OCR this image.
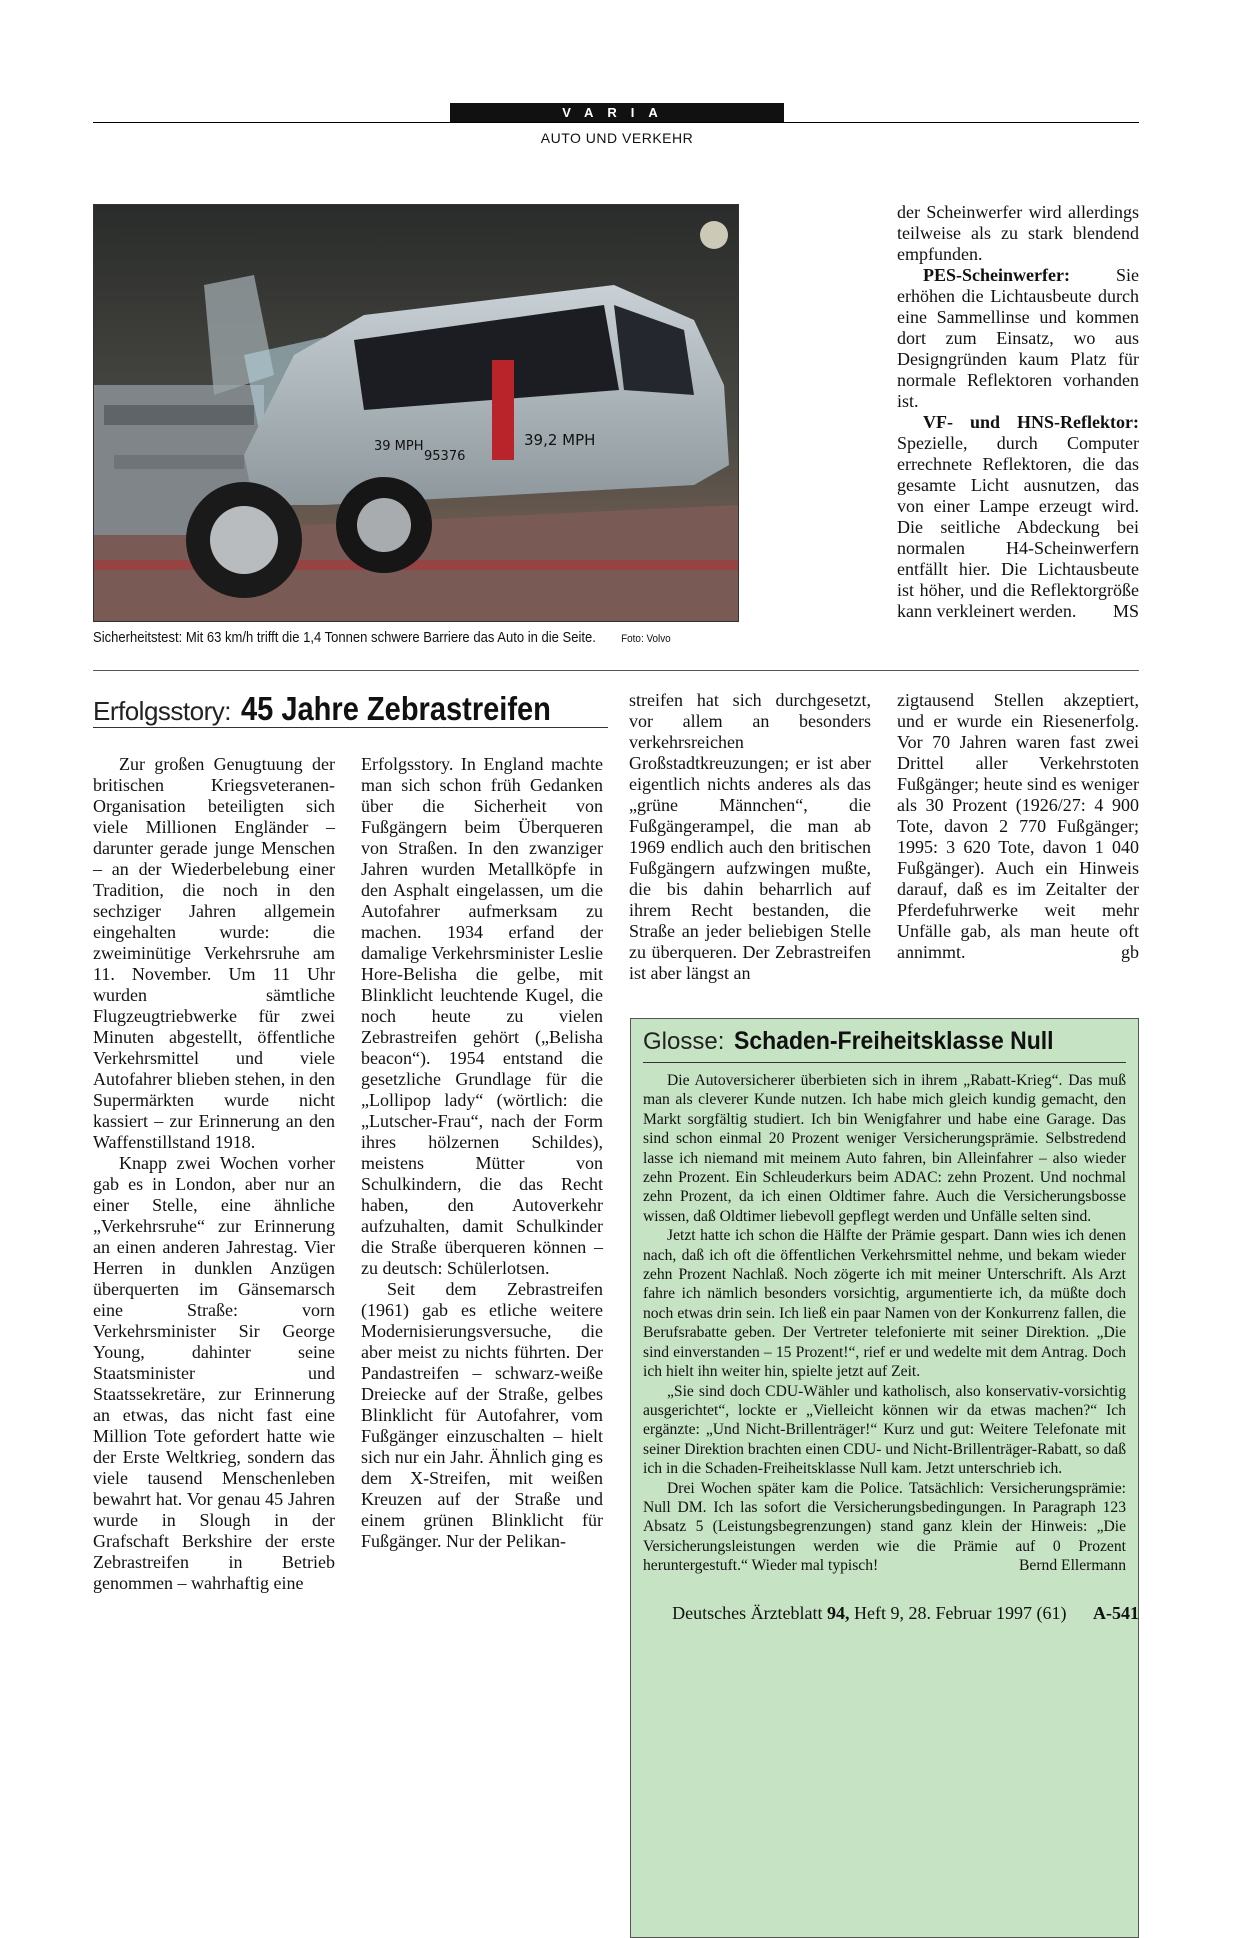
VARIA
AUTO UND VERKEHR
39 MPH
95376
39,2 MPH
Sicherheitstest: Mit 63 km/h trifft die 1,4 Tonnen schwere Barriere das Auto in die Seite. Foto: Volvo

der Scheinwerfer wird allerdings teilweise als zu stark blendend empfunden.

PES-Scheinwerfer: Sie erhöhen die Lichtausbeute durch eine Sammellinse und kommen dort zum Einsatz, wo aus Designgründen kaum Platz für normale Reflektoren vorhanden ist.

VF- und HNS-Reflektor: Spezielle, durch Computer errechnete Reflektoren, die das gesamte Licht ausnutzen, das von einer Lampe erzeugt wird. Die seitliche Abdeckung bei normalen H4-Scheinwerfern entfällt hier. Die Lichtausbeute ist höher, und die Reflektorgröße kann verkleinert werden.	MS

Erfolgsstory: 45 Jahre Zebrastreifen

Zur großen Genugtuung der britischen Kriegsveteranen-Organisation beteiligten sich viele Millionen Engländer – darunter gerade junge Menschen – an der Wiederbelebung einer Tradition, die noch in den sechziger Jahren allgemein eingehalten wurde: die zweiminütige Verkehrsruhe am 11. November. Um 11 Uhr wurden sämtliche Flugzeugtriebwerke für zwei Minuten abgestellt, öffentliche Verkehrsmittel und viele Autofahrer blieben stehen, in den Supermärkten wurde nicht kassiert – zur Erinnerung an den Waffenstillstand 1918.

Knapp zwei Wochen vorher gab es in London, aber nur an einer Stelle, eine ähnliche „Verkehrsruhe“ zur Erinnerung an einen anderen Jahrestag. Vier Herren in dunklen Anzügen überquerten im Gänsemarsch eine Straße: vorn Verkehrsminister Sir George Young, dahinter seine Staatsminister und Staatssekretäre, zur Erinnerung an etwas, das nicht fast eine Million Tote gefordert hatte wie der Erste Weltkrieg, sondern das viele tausend Menschenleben bewahrt hat. Vor genau 45 Jahren wurde in Slough in der Grafschaft Berkshire der erste Zebrastreifen in Betrieb genommen – wahrhaftig eine

Erfolgsstory. In England machte man sich schon früh Gedanken über die Sicherheit von Fußgängern beim Überqueren von Straßen. In den zwanziger Jahren wurden Metallköpfe in den Asphalt eingelassen, um die Autofahrer aufmerksam zu machen. 1934 erfand der damalige Verkehrsminister Leslie Hore-Belisha die gelbe, mit Blinklicht leuchtende Kugel, die noch heute zu vielen Zebrastreifen gehört („Belisha beacon“). 1954 entstand die gesetzliche Grundlage für die „Lollipop lady“ (wörtlich: die „Lutscher-Frau“, nach der Form ihres hölzernen Schildes), meistens Mütter von Schulkindern, die das Recht haben, den Autoverkehr aufzuhalten, damit Schulkinder die Straße überqueren können – zu deutsch: Schülerlotsen.

Seit dem Zebrastreifen (1961) gab es etliche weitere Modernisierungsversuche, die aber meist zu nichts führten. Der Pandastreifen – schwarz-weiße Dreiecke auf der Straße, gelbes Blinklicht für Autofahrer, vom Fußgänger einzuschalten – hielt sich nur ein Jahr. Ähnlich ging es dem X-Streifen, mit weißen Kreuzen auf der Straße und einem grünen Blinklicht für Fußgänger. Nur der Pelikan-

streifen hat sich durchgesetzt, vor allem an besonders verkehrsreichen Großstadtkreuzungen; er ist aber eigentlich nichts anderes als das „grüne Männchen“, die Fußgängerampel, die man ab 1969 endlich auch den britischen Fußgängern aufzwingen mußte, die bis dahin beharrlich auf ihrem Recht bestanden, die Straße an jeder beliebigen Stelle zu überqueren. Der Zebrastreifen ist aber längst an

zigtausend Stellen akzeptiert, und er wurde ein Riesenerfolg. Vor 70 Jahren waren fast zwei Drittel aller Verkehrstoten Fußgänger; heute sind es weniger als 30 Prozent (1926/27: 4 900 Tote, davon 2 770 Fußgänger; 1995: 3 620 Tote, davon 1 040 Fußgänger). Auch ein Hinweis darauf, daß es im Zeitalter der Pferdefuhrwerke weit mehr Unfälle gab, als man heute oft annimmt.	gb

Glosse: Schaden-Freiheitsklasse Null

Die Autoversicherer überbieten sich in ihrem „Rabatt-Krieg“. Das muß man als cleverer Kunde nutzen. Ich habe mich gleich kundig gemacht, den Markt sorgfältig studiert. Ich bin Wenigfahrer und habe eine Garage. Das sind schon einmal 20 Prozent weniger Versicherungsprämie. Selbstredend lasse ich niemand mit meinem Auto fahren, bin Alleinfahrer – also wieder zehn Prozent. Ein Schleuderkurs beim ADAC: zehn Prozent. Und nochmal zehn Prozent, da ich einen Oldtimer fahre. Auch die Versicherungsbosse wissen, daß Oldtimer liebevoll gepflegt werden und Unfälle selten sind.

Jetzt hatte ich schon die Hälfte der Prämie gespart. Dann wies ich denen nach, daß ich oft die öffentlichen Verkehrsmittel nehme, und bekam wieder zehn Prozent Nachlaß. Noch zögerte ich mit meiner Unterschrift. Als Arzt fahre ich nämlich besonders vorsichtig, argumentierte ich, da müßte doch noch etwas drin sein. Ich ließ ein paar Namen von der Konkurrenz fallen, die Berufsrabatte geben. Der Vertreter telefonierte mit seiner Direktion. „Die sind einverstanden – 15 Prozent!“, rief er und wedelte mit dem Antrag. Doch ich hielt ihn weiter hin, spielte jetzt auf Zeit.

„Sie sind doch CDU-Wähler und katholisch, also konservativ-vorsichtig ausgerichtet“, lockte er „Vielleicht können wir da etwas machen?“ Ich ergänzte: „Und Nicht-Brillenträger!“ Kurz und gut: Weitere Telefonate mit seiner Direktion brachten einen CDU- und Nicht-Brillenträger-Rabatt, so daß ich in die Schaden-Freiheitsklasse Null kam. Jetzt unterschrieb ich.

Drei Wochen später kam die Police. Tatsächlich: Versicherungsprämie: Null DM. Ich las sofort die Versicherungsbedingungen. In Paragraph 123 Absatz 5 (Leistungsbegrenzungen) stand ganz klein der Hinweis: „Die Versicherungsleistungen werden wie die Prämie auf 0 Prozent heruntergestuft.“ Wieder mal typisch!	Bernd Ellermann

Deutsches Ärzteblatt 94, Heft 9, 28. Februar 1997 (61) A-541
